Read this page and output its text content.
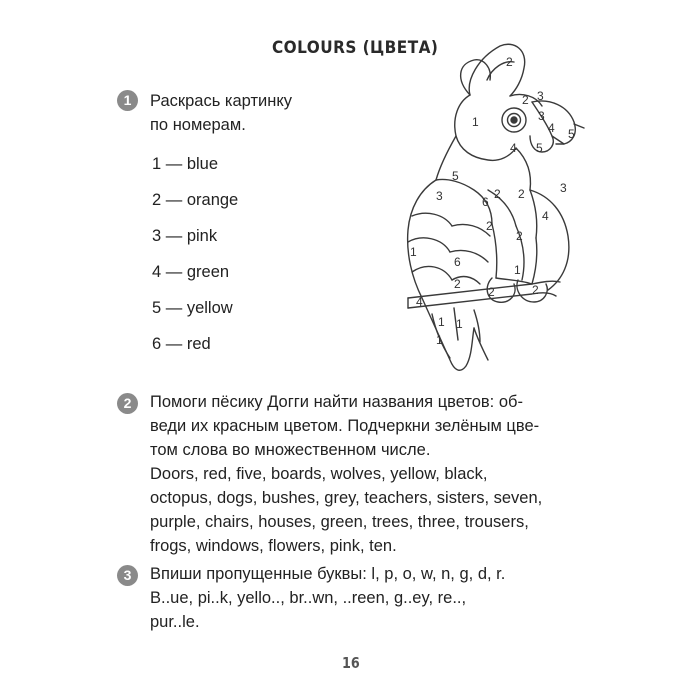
COLOURS (ЦВЕТА)
1	Раскрась картинку
по номерам.
1 — blue
2 — orange
3 — pink
4 — green
5 — yellow
6 — red
2
3
2
1	3
4 5
5
4
2	3
6
2
5
3
4
2
6
2
1
1
2
2	2
4
1 1
1
2	Помоги пёсику Догги найти названия цветов: об-
веди их красным цветом. Подчеркни зелёным цве-
том слова во множественном числе.
Doors, red, five, boards, wolves, yellow, black,
octopus, dogs, bushes, grey, teachers, sisters, seven,
purple, chairs, houses, green, trees, three, trousers,
frogs, windows, flowers, pink, ten.
3	Впиши пропущенные буквы: l, p, o, w, n, g, d, r.
B..ue, pi..k, yello.., br..wn, ..reen, g..ey, re..,
pur..le.
16
